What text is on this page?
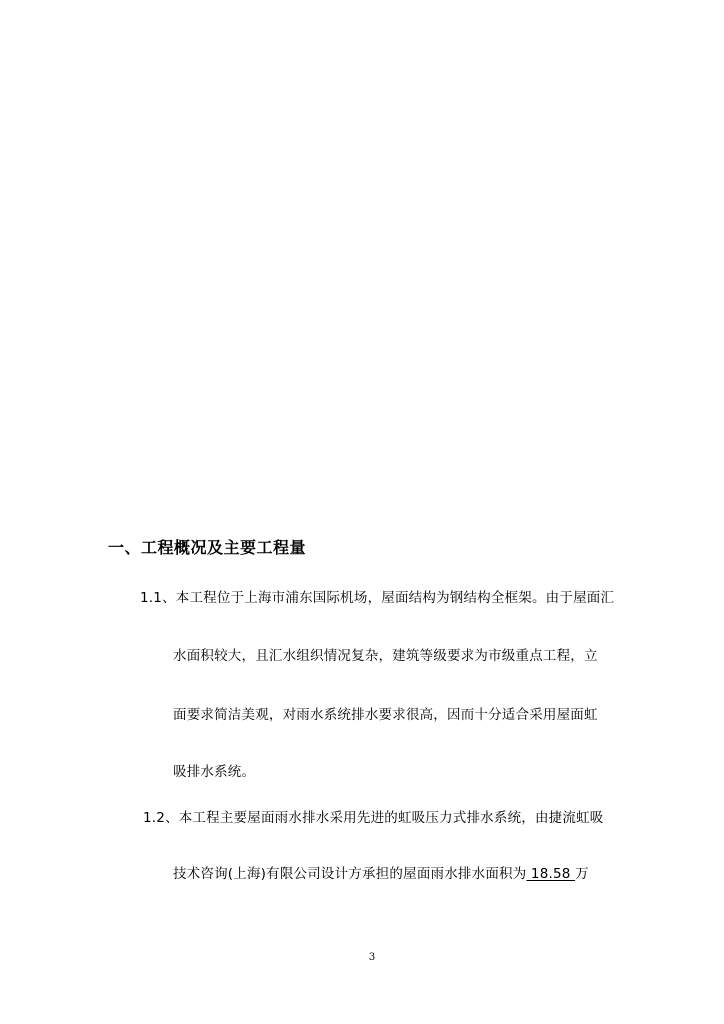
一、工程概况及主要工程量
1.1、本工程位于上海市浦东国际机场，屋面结构为钢结构全框架。由于屋面汇
水面积较大，且汇水组织情况复杂，建筑等级要求为市级重点工程，立
面要求简洁美观，对雨水系统排水要求很高，因而十分适合采用屋面虹
吸排水系统。
1.2、本工程主要屋面雨水排水采用先进的虹吸压力式排水系统，由捷流虹吸
技术咨询(上海)有限公司设计方承担的屋面雨水排水面积为 18.58 万
3
